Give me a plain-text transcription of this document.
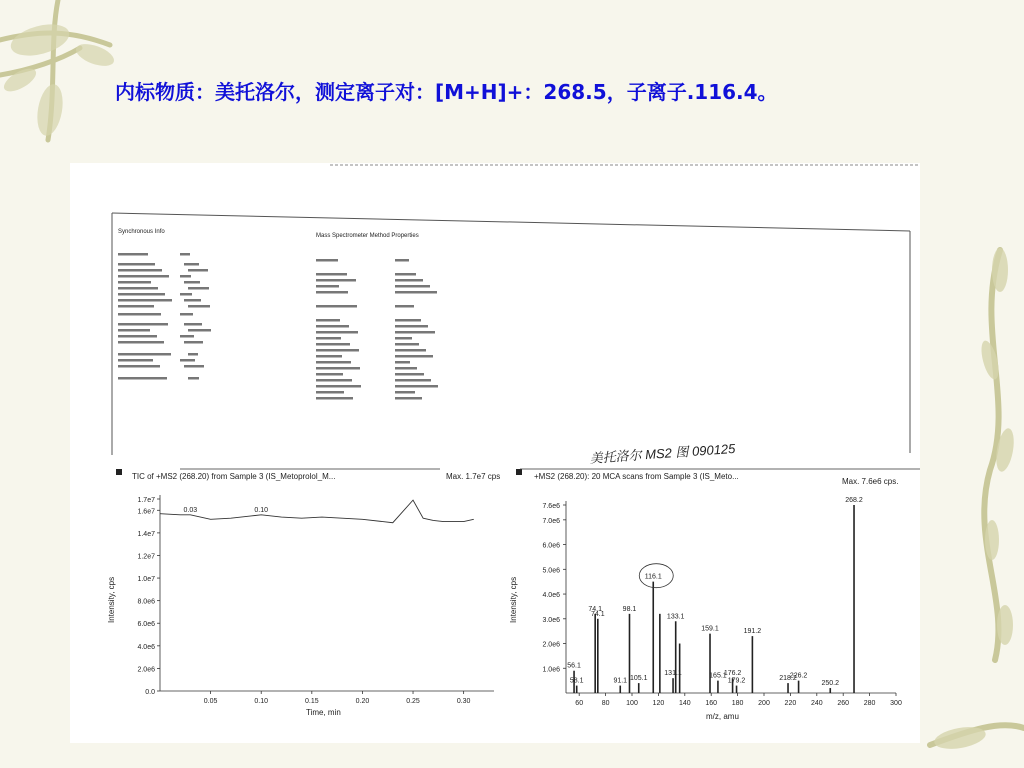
内标物质：美托洛尔，测定离子对：[M+H]+：268.5，子离子.116.4。
Synchronous Info
Mass Spectrometer Method Properties
美托洛尔 MS2 图 090125
TIC of +MS2 (268.20) from Sample 3 (IS_Metoprolol_M...	Max. 1.7e7 cps
Intensity, cps
Time, min
0.0
2.0e6
4.0e6
6.0e6
8.0e6
1.0e7
1.2e7
1.4e7
1.6e7
1.7e7
0.05	0.10	0.15	0.20	0.25	0.30
0.03	0.10
+MS2 (268.20): 20 MCA scans from Sample 3 (IS_Meto...
Max. 7.6e6 cps.
Intensity, cps
m/z, amu
1.0e6
2.0e6
3.0e6
4.0e6
5.0e6
6.0e6
7.0e6
7.6e6
60	80 100 120 140 160 180 200 220 240 260 280 300
56.1
58.1
74.1
74.1
91.1
98.1
105.1
116.1
131.1
133.1
159.1
165.1
176.2
179.2
191.2
218.2
226.2
250.2
268.2
